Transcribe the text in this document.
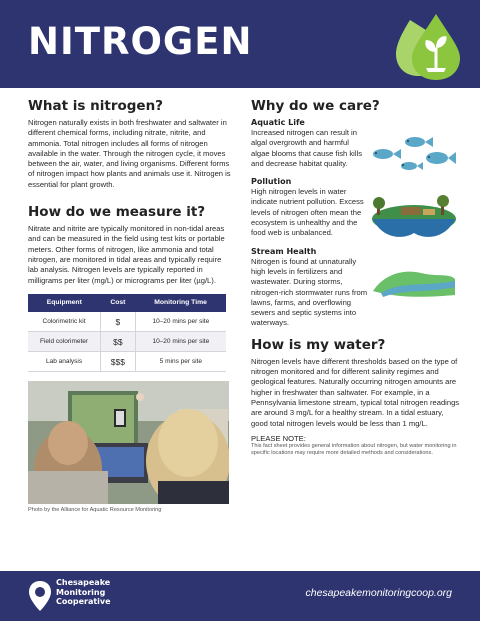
NITROGEN
What is nitrogen?

Nitrogen naturally exists in both freshwater and saltwater in different chemical forms, including nitrate, nitrite, and ammonia. Total nitrogen includes all forms of nitrogen available in the water. Through the nitrogen cycle, it moves between the air, water, and living organisms. Different forms of nitrogen impact how plants and animals use it. Nitrogen is essential for plant growth.

How do we measure it?

Nitrate and nitrite are typically monitored in non-tidal areas and can be measured in the field using test kits or portable meters. Other forms of nitrogen, like ammonia and total nitrogen, are monitored in tidal areas and typically require lab analysis. Nitrogen levels are typically reported in milligrams per liter (mg/L) or micrograms per liter (µg/L).

Equipment	Cost	Monitoring Time
Colorimetric kit	$	10–20 mins per site
Field colorimeter	$$	10–20 mins per site
Lab analysis	$$$	5 mins per site
Photo by the Alliance for Aquatic Resource Monitoring
Why do we care?
Aquatic Life

Increased nitrogen can result in algal overgrowth and harmful algae blooms that cause fish kills and decrease habitat quality.

Pollution

High nitrogen levels in water indicate nutrient pollution. Excess levels of nitrogen often mean the ecosystem is unhealthy and the food web is unbalanced.

Stream Health

Nitrogen is found at unnaturally high levels in fertilizers and wastewater. During storms, nitrogen-rich stormwater runs from lawns, farms, and overflowing sewers and septic systems into waterways.

How is my water?

Nitrogen levels have different thresholds based on the type of nitrogen monitored and for different salinity regimes and geological features. Naturally occurring nitrogen amounts are higher in freshwater than saltwater. For example, in a Pennsylvania limestone stream, typical total nitrogen readings are around 3 mg/L for a healthy stream. In a tidal estuary, good total nitrogen levels would be less than 1 mg/L.

PLEASE NOTE:

This fact sheet provides general information about nitrogen, but water monitoring in specific locations may require more detailed methods and considerations.

Chesapeake
Monitoring
Cooperative
chesapeakemonitoringcoop.org
